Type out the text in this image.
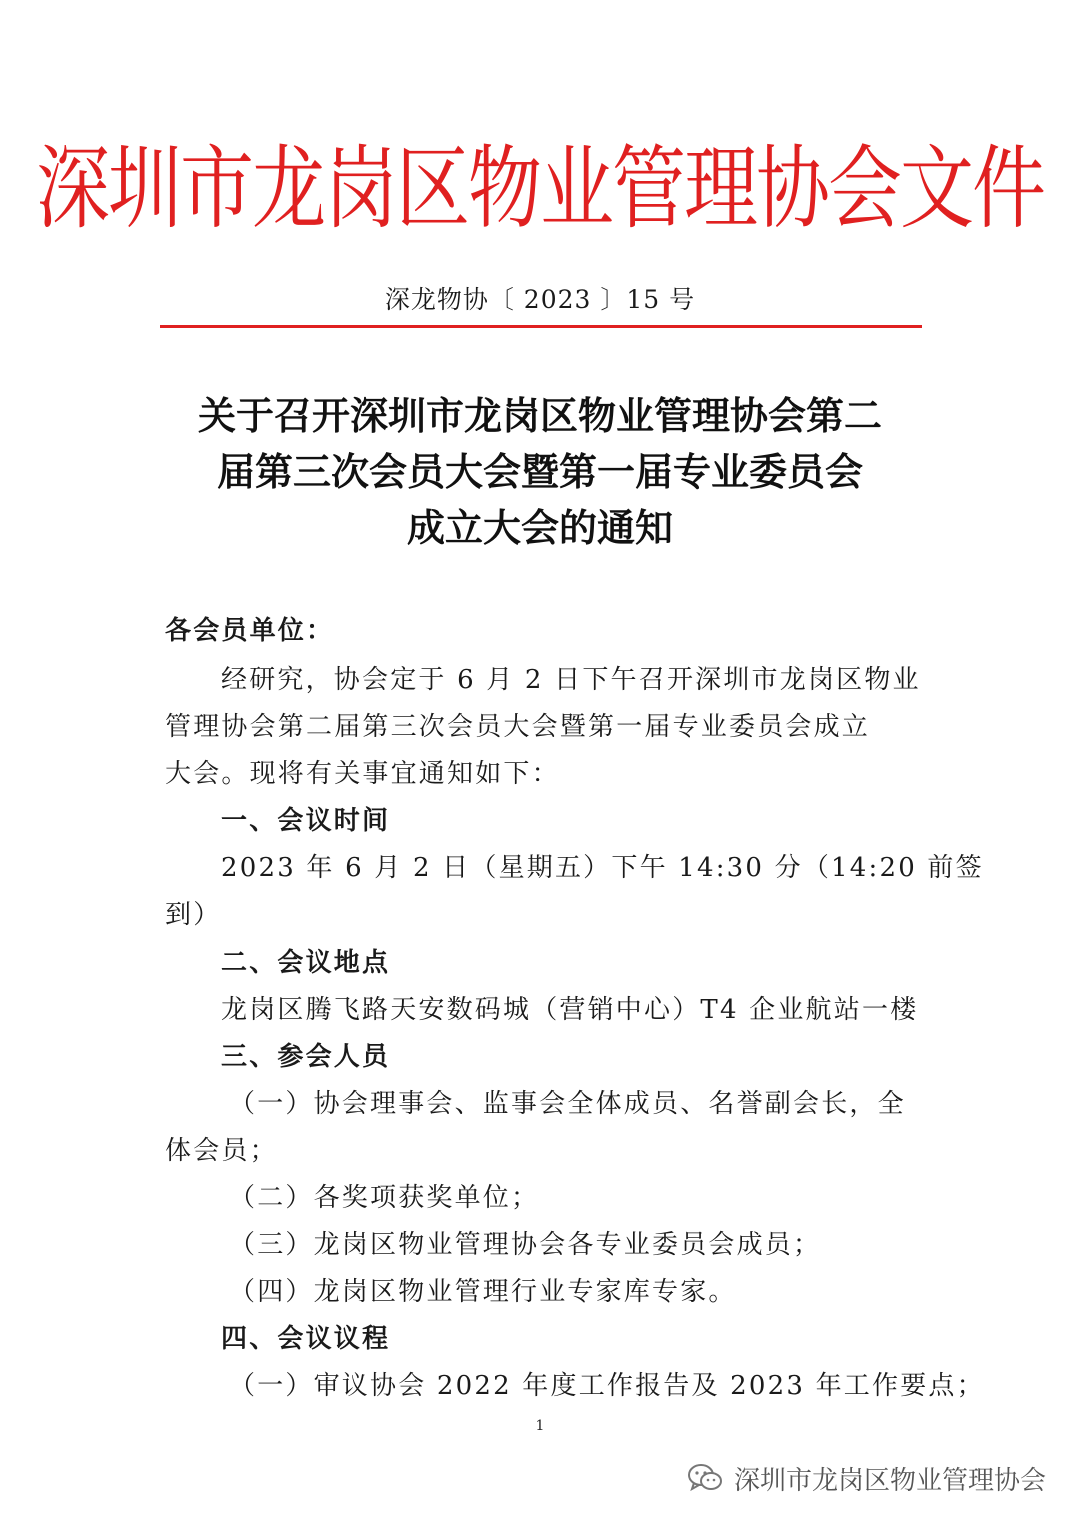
深圳市龙岗区物业管理协会文件
深龙物协〔 2023 〕15 号
关于召开深圳市龙岗区物业管理协会第二
届第三次会员大会暨第一届专业委员会
成立大会的通知
各会员单位：
经研究，协会定于 6 月 2 日下午召开深圳市龙岗区物业
管理协会第二届第三次会员大会暨第一届专业委员会成立
大会。现将有关事宜通知如下：
一、会议时间
2023 年 6 月 2 日（星期五）下午 14:30 分（14:20 前签
到）
二、会议地点
龙岗区腾飞路天安数码城（营销中心）T4 企业航站一楼
三、参会人员
（一）协会理事会、监事会全体成员、名誉副会长，全
体会员；
（二）各奖项获奖单位；
（三）龙岗区物业管理协会各专业委员会成员；
（四）龙岗区物业管理行业专家库专家。
四、会议议程
（一）审议协会 2022 年度工作报告及 2023 年工作要点；
1
深圳市龙岗区物业管理协会
